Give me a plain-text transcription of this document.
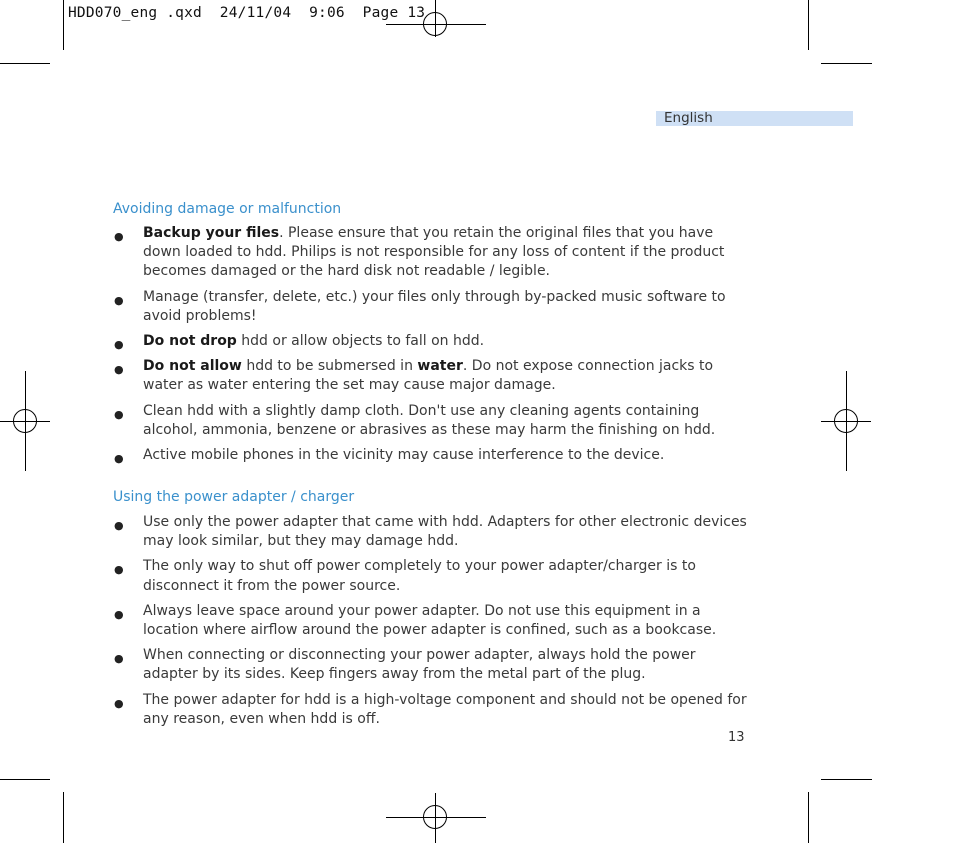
HDD070_eng .qxd  24/11/04  9:06  Page 13
English
Avoiding damage or malfunction
● Backup your files. Please ensure that you retain the original files that you have down loaded to hdd. Philips is not responsible for any loss of content if the product becomes damaged or the hard disk not readable / legible.
● Manage (transfer, delete, etc.) your files only through by-packed music software to avoid problems!
● Do not drop hdd or allow objects to fall on hdd.
● Do not allow hdd to be submersed in water. Do not expose connection jacks to water as water entering the set may cause major damage.
● Clean hdd with a slightly damp cloth. Don't use any cleaning agents containing alcohol, ammonia, benzene or abrasives as these may harm the finishing on hdd.
● Active mobile phones in the vicinity may cause interference to the device.
Using the power adapter / charger
● Use only the power adapter that came with hdd. Adapters for other electronic devices may look similar, but they may damage hdd.
● The only way to shut off power completely to your power adapter/charger is to disconnect it from the power source.
● Always leave space around your power adapter. Do not use this equipment in a location where airflow around the power adapter is confined, such as a bookcase.
● When connecting or disconnecting your power adapter, always hold the power adapter by its sides. Keep fingers away from the metal part of the plug.
● The power adapter for hdd is a high-voltage component and should not be opened for any reason, even when hdd is off.
13
